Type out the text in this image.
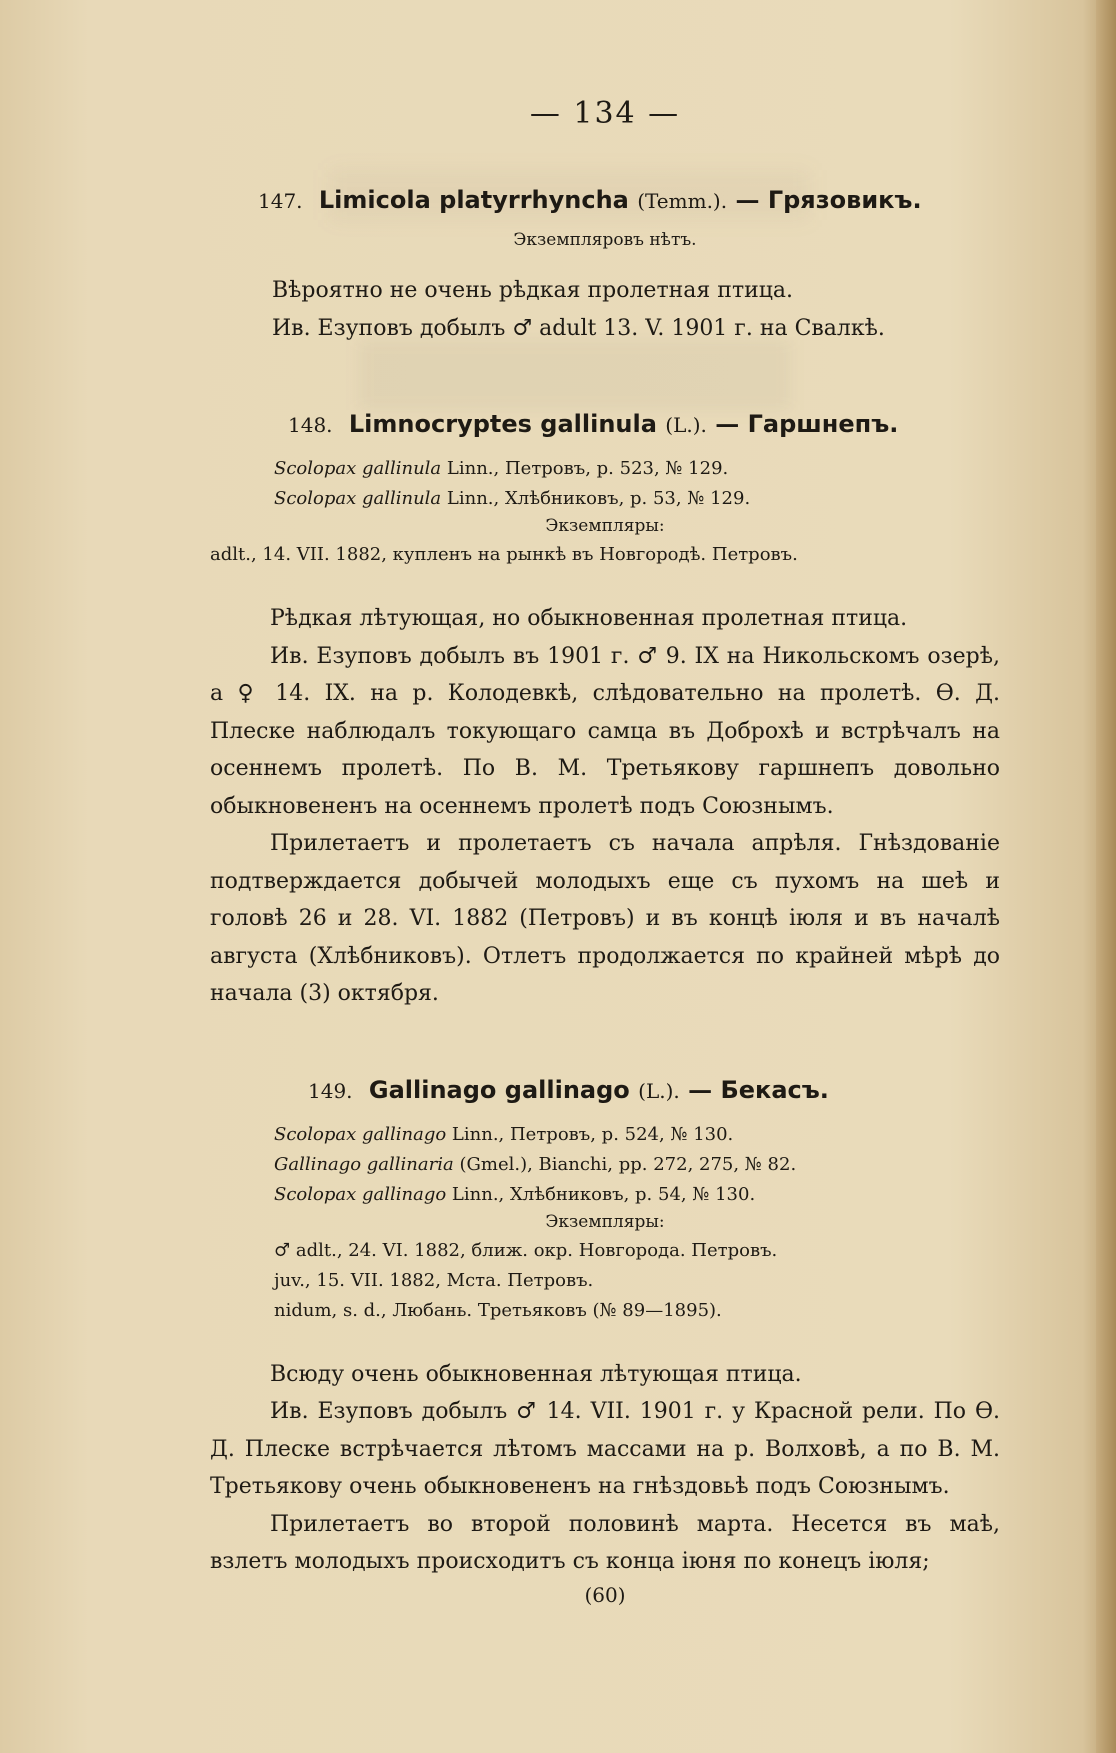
— 134 —
147. Limicola platyrrhyncha (Temm.). — Грязовикъ.
Экземпляровъ нѣтъ.

Вѣроятно не очень рѣдкая пролетная птица.

Ив. Езуповъ добылъ ♂ adult 13. V. 1901 г. на Свалкѣ.

148. Limnocryptes gallinula (L.). — Гаршнепъ.
Scolopax gallinula Linn., Петровъ, p. 523, № 129.
Scolopax gallinula Linn., Хлѣбниковъ, p. 53, № 129.
Экземпляры:
adlt., 14. VII. 1882, купленъ на рынкѣ въ Новгородѣ. Петровъ.

Рѣдкая лѣтующая, но обыкновенная пролетная птица.

Ив. Езуповъ добылъ въ 1901 г. ♂ 9. IX на Никольскомъ озерѣ, а ♀ 14. IX. на р. Колодевкѣ, слѣдовательно на пролетѣ. Ѳ. Д. Плеске наблюдалъ токующаго самца въ Доброхѣ и встрѣчалъ на осеннемъ пролетѣ. По В. М. Третьякову гаршнепъ довольно обыкновененъ на осеннемъ пролетѣ подъ Союзнымъ.

Прилетаетъ и пролетаетъ съ начала апрѣля. Гнѣздованіе подтверждается добычей молодыхъ еще съ пухомъ на шеѣ и головѣ 26 и 28. VI. 1882 (Петровъ) и въ концѣ іюля и въ началѣ августа (Хлѣбниковъ). Отлетъ продолжается по крайней мѣрѣ до начала (3) октября.

149. Gallinago gallinago (L.). — Бекасъ.
Scolopax gallinago Linn., Петровъ, p. 524, № 130.
Gallinago gallinaria (Gmel.), Bianchi, pp. 272, 275, № 82.
Scolopax gallinago Linn., Хлѣбниковъ, p. 54, № 130.
Экземпляры:
♂ adlt., 24. VI. 1882, ближ. окр. Новгорода. Петровъ.
juv., 15. VII. 1882, Мста. Петровъ.
nidum, s. d., Любань. Третьяковъ (№ 89—1895).

Всюду очень обыкновенная лѣтующая птица.

Ив. Езуповъ добылъ ♂ 14. VII. 1901 г. у Красной рели. По Ѳ. Д. Плеске встрѣчается лѣтомъ массами на р. Волховѣ, а по В. М. Третьякову очень обыкновененъ на гнѣздовьѣ подъ Союзнымъ.

Прилетаетъ во второй половинѣ марта. Несется въ маѣ, взлетъ молодыхъ происходитъ съ конца іюня по конецъ іюля;

(60)
